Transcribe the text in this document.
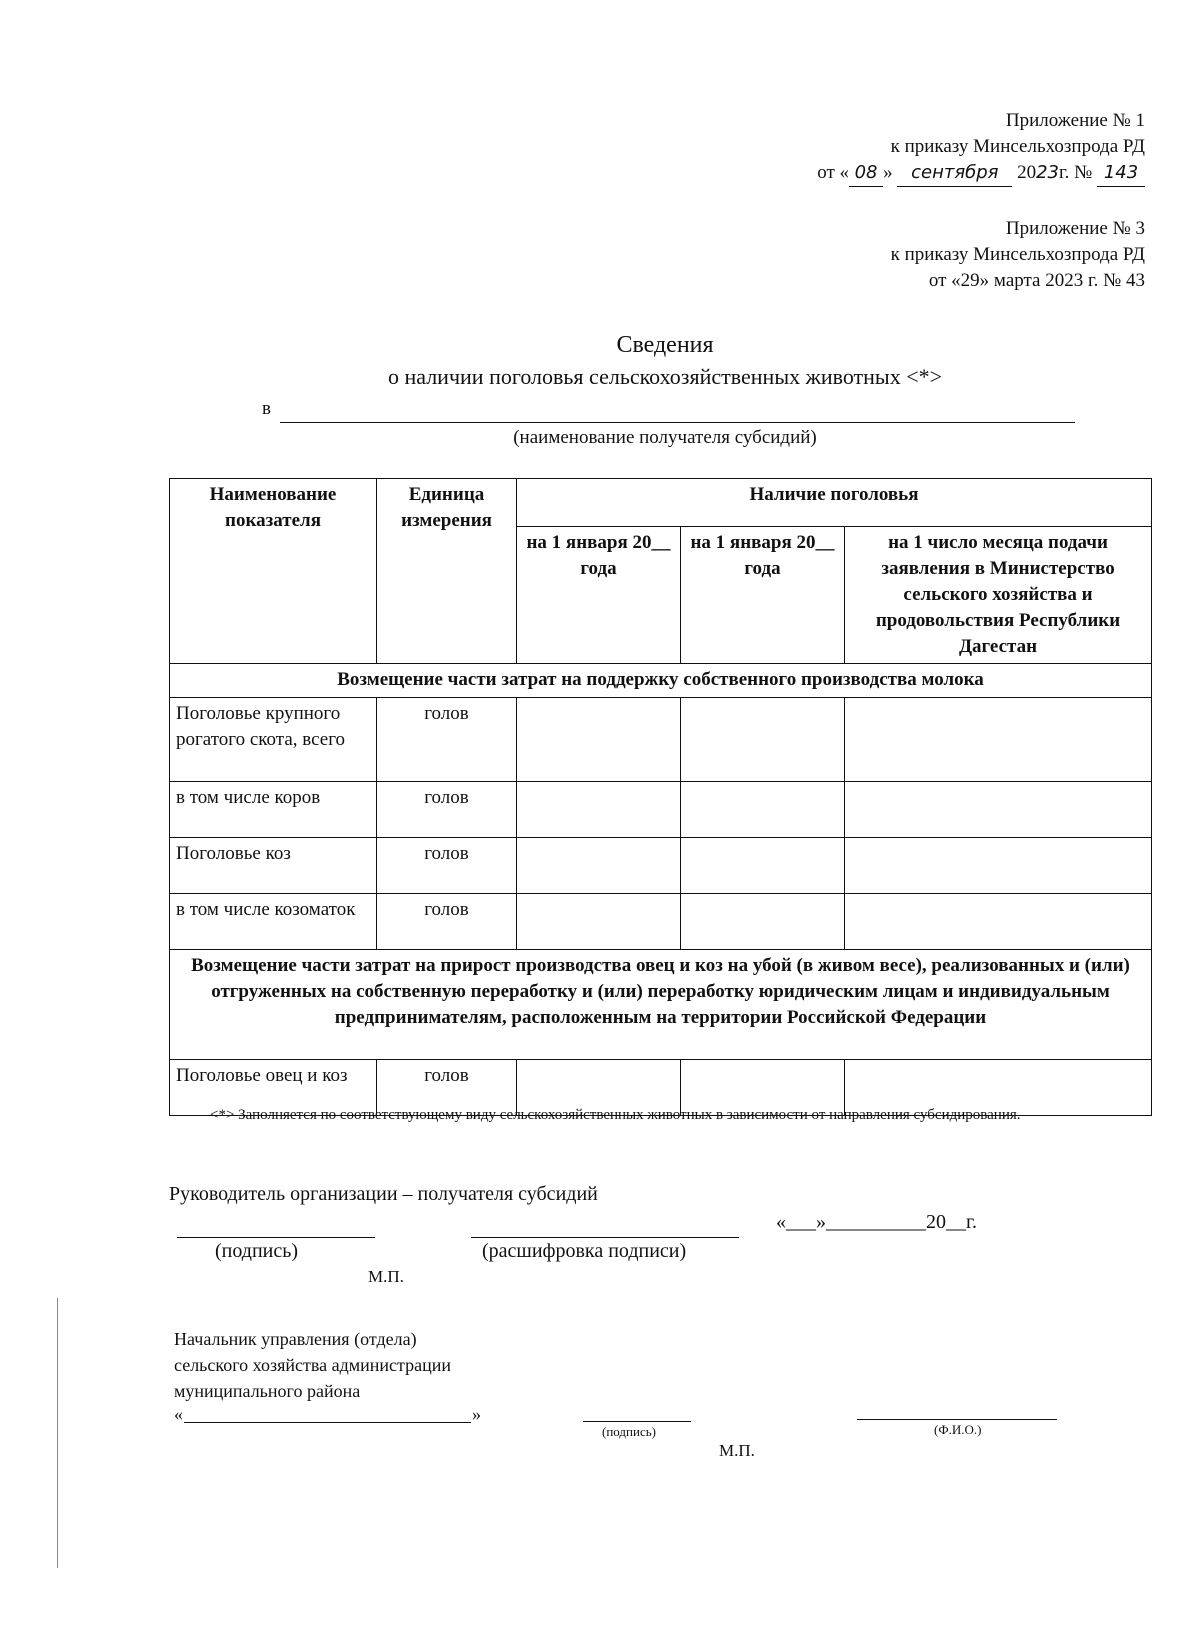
Приложение № 1
к приказу Минсельхозпрода РД
от « 08 » сентября 2023г. № 143
Приложение № 3
к приказу Минсельхозпрода РД
от «29» марта 2023 г. № 43
Сведения
о наличии поголовья сельскохозяйственных животных <*>
в
(наименование получателя субсидий)
Наименование показателя	Единица измерения	Наличие поголовья		
		на 1 января 20__ года	на 1 января 20__ года	на 1 число месяца подачи заявления в Министерство сельского хозяйства и продовольствия Республики Дагестан
Возмещение части затрат на поддержку собственного производства молока				
Поголовье крупного рогатого скота, всего	голов			
в том числе коров	голов			
Поголовье коз	голов			
в том числе козоматок	голов			
Возмещение части затрат на прирост производства овец и коз на убой (в живом весе), реализованных и (или) отгруженных на собственную переработку и (или) переработку юридическим лицам и индивидуальным предпринимателям, расположенным на территории Российской Федерации				
Поголовье овец и коз	голов			
<*> Заполняется по соответствующему виду сельскохозяйственных животных в зависимости от направления субсидирования.
Руководитель организации – получателя субсидий
«___»__________20__г.
(подпись)	(расшифровка подписи)
М.П.
Начальник управления (отдела)
сельского хозяйства администрации
муниципального района
«	»
(подпись)	(Ф.И.О.)
М.П.
